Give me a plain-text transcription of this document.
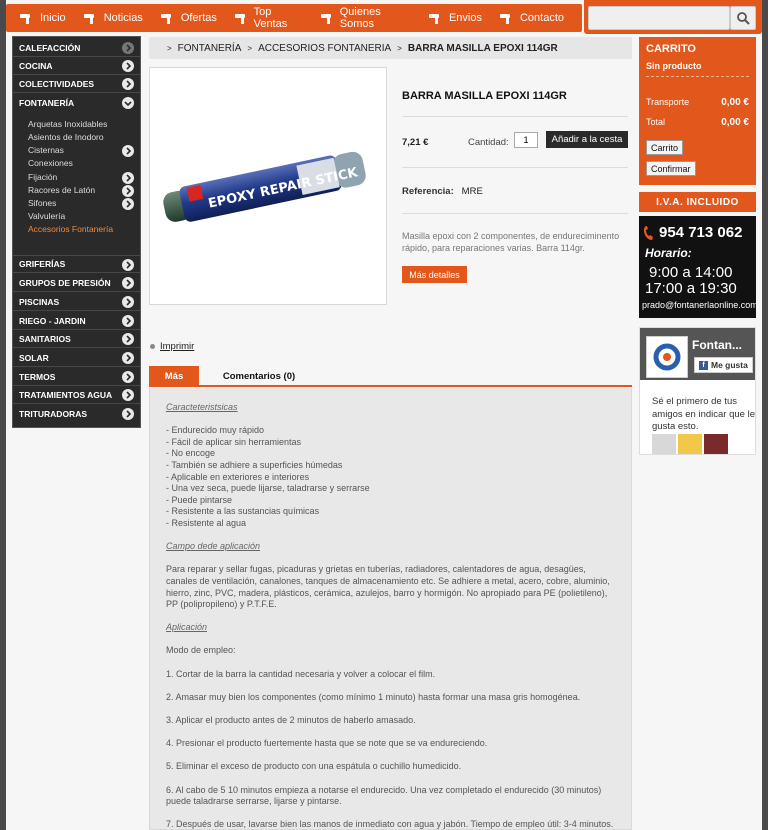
Inicio	Noticias	Ofertas	Top Ventas
Quienes Somos	Envios	Contacto
CALEFACCIÓN
COCINA
COLECTIVIDADES
FONTANERÍA
Arquetas Inoxidables
Asientos de Inodoro
Cisternas
Conexiones
Fijación
Racores de Latón
Sifones
Valvulería
Accesorios Fontanería
GRIFERÍAS
GRUPOS DE PRESIÓN
PISCINAS
RIEGO - JARDIN
SANITARIOS
SOLAR
TERMOS
TRATAMIENTOS AGUA
TRITURADORAS
> FONTANERÍA > ACCESORIOS FONTANERIA > BARRA MASILLA EPOXI 114GR
EPOXY REPAIR STICK
BARRA MASILLA EPOXI 114GR
7,21 €	Cantidad:
1	Añadir a la cesta
Referencia: MRE
Masilla epoxi con 2 componentes, de endureciminento rápido, para reparaciones varias. Barra 114gr.
Más detalles
Imprimir
Más	Comentarios (0)
Caracteteristsicas
- Endurecido muy rápido
- Fácil de aplicar sin herramientas
- No encoge
- También se adhiere a superficies húmedas
- Aplicable en exteriores e interiores
- Una vez seca, puede lijarse, taladrarse y serrarse
- Puede pintarse
- Resistente a las sustancias químicas
- Resistente al agua
Campo dede aplicación
Para reparar y sellar fugas, picaduras y grietas en tuberías, radiadores, calentadores de agua, desagües, canales de ventilación, canalones, tanques de almacenamiento etc. Se adhiere a metal, acero, cobre, aluminio, hierro, zinc, PVC, madera, plásticos, cerámica, azulejos, barro y hormigón. No apropiado para PE (polietileno), PP (polipropileno) y P.T.F.E.
Aplicación
Modo de empleo:
1. Cortar de la barra la cantidad necesaria y volver a colocar el film.
2. Amasar muy bien los componentes (como mínimo 1 minuto) hasta formar una masa gris homogénea.
3. Aplicar el producto antes de 2 minutos de haberlo amasado.
4. Presionar el producto fuertemente hasta que se note que se va endureciendo.
5. Eliminar el exceso de producto con una espátula o cuchillo humedicido.
6. Al cabo de 5 10 minutos empieza a notarse el endurecido. Una vez completado el endurecido (30 minutos) puede taladrarse serrarse, lijarse y pintarse.
7. Después de usar, lavarse bien las manos de inmediato con agua y jabón. Tiempo de empleo útil: 3-4 minutos.
CARRITO
Sin producto
Transporte	0,00 €
Total	0,00 €
Carrito
Confirmar
I.V.A. INCLUIDO
954 713 062
Horario:
9:00 a 14:00
17:00 a 19:30
prado@fontanerlaonline.com
Fontan...
f Me gusta
Sé el primero de tus amigos en indicar que le gusta esto.
